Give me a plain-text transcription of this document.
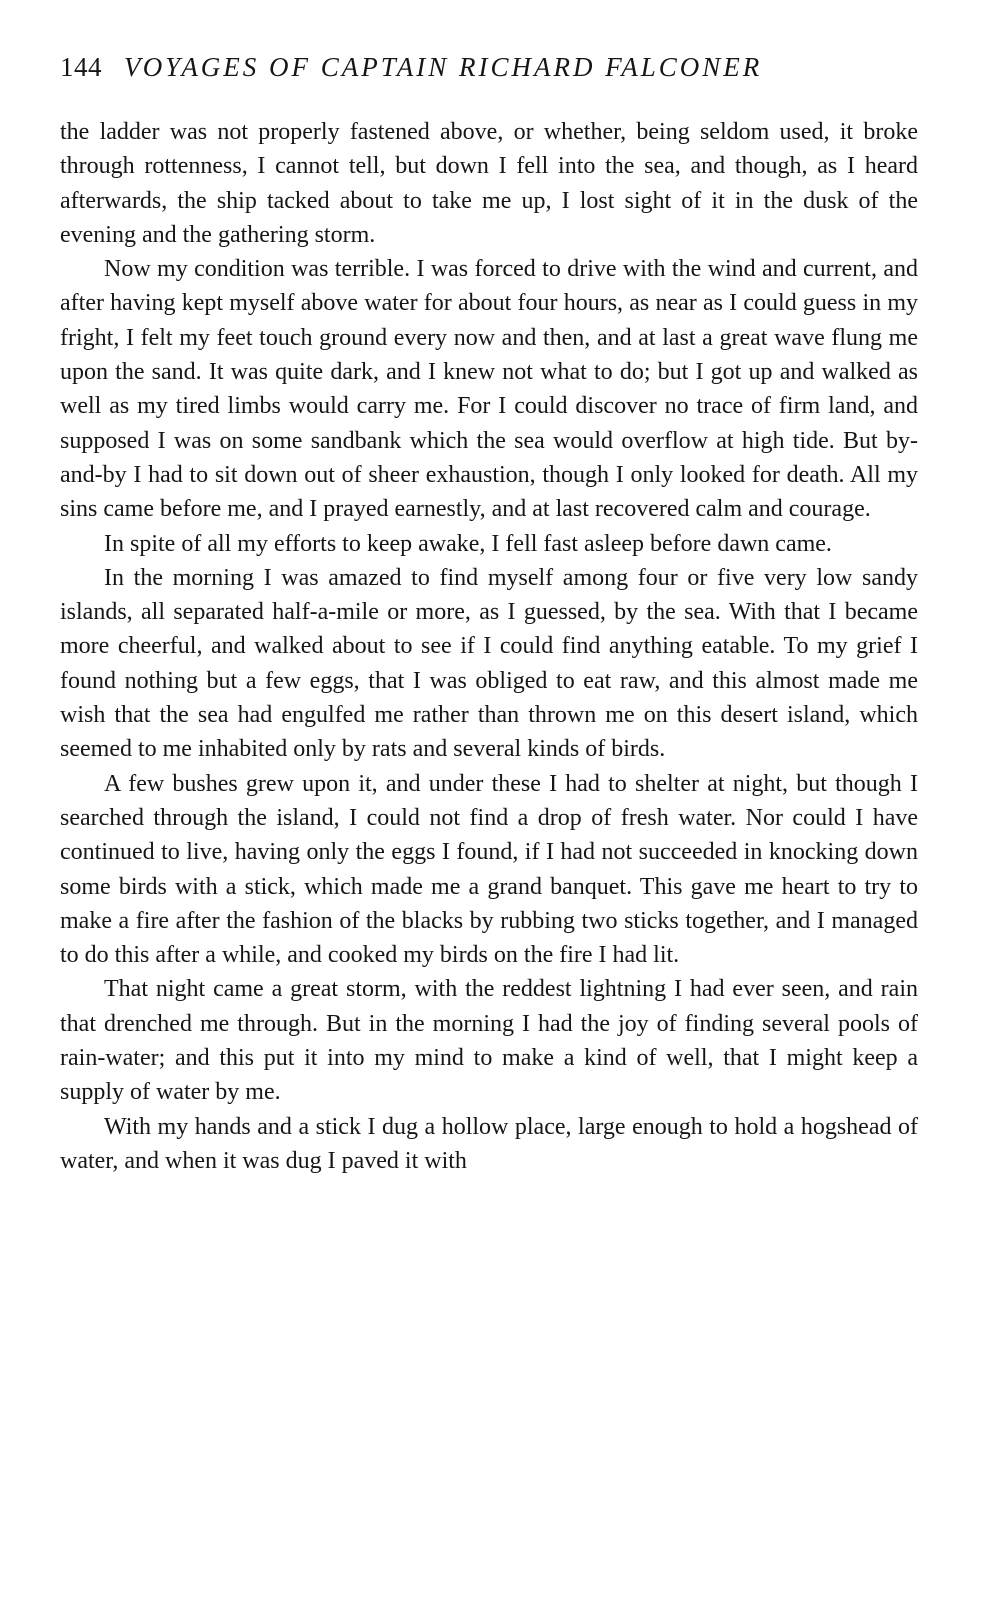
144 VOYAGES OF CAPTAIN RICHARD FALCONER

the ladder was not properly fastened above, or whether, being seldom used, it broke through rottenness, I cannot tell, but down I fell into the sea, and though, as I heard afterwards, the ship tacked about to take me up, I lost sight of it in the dusk of the evening and the gathering storm.

Now my condition was terrible. I was forced to drive with the wind and current, and after having kept myself above water for about four hours, as near as I could guess in my fright, I felt my feet touch ground every now and then, and at last a great wave flung me upon the sand. It was quite dark, and I knew not what to do; but I got up and walked as well as my tired limbs would carry me. For I could discover no trace of firm land, and supposed I was on some sandbank which the sea would overflow at high tide. But by-and-by I had to sit down out of sheer exhaustion, though I only looked for death. All my sins came before me, and I prayed earnestly, and at last recovered calm and courage.

In spite of all my efforts to keep awake, I fell fast asleep before dawn came.

In the morning I was amazed to find myself among four or five very low sandy islands, all separated half-a-mile or more, as I guessed, by the sea. With that I became more cheerful, and walked about to see if I could find anything eatable. To my grief I found nothing but a few eggs, that I was obliged to eat raw, and this almost made me wish that the sea had engulfed me rather than thrown me on this desert island, which seemed to me inhabited only by rats and several kinds of birds.

A few bushes grew upon it, and under these I had to shelter at night, but though I searched through the island, I could not find a drop of fresh water. Nor could I have continued to live, having only the eggs I found, if I had not succeeded in knocking down some birds with a stick, which made me a grand banquet. This gave me heart to try to make a fire after the fashion of the blacks by rubbing two sticks together, and I managed to do this after a while, and cooked my birds on the fire I had lit.

That night came a great storm, with the reddest lightning I had ever seen, and rain that drenched me through. But in the morning I had the joy of finding several pools of rain-water; and this put it into my mind to make a kind of well, that I might keep a supply of water by me.

With my hands and a stick I dug a hollow place, large enough to hold a hogshead of water, and when it was dug I paved it with
